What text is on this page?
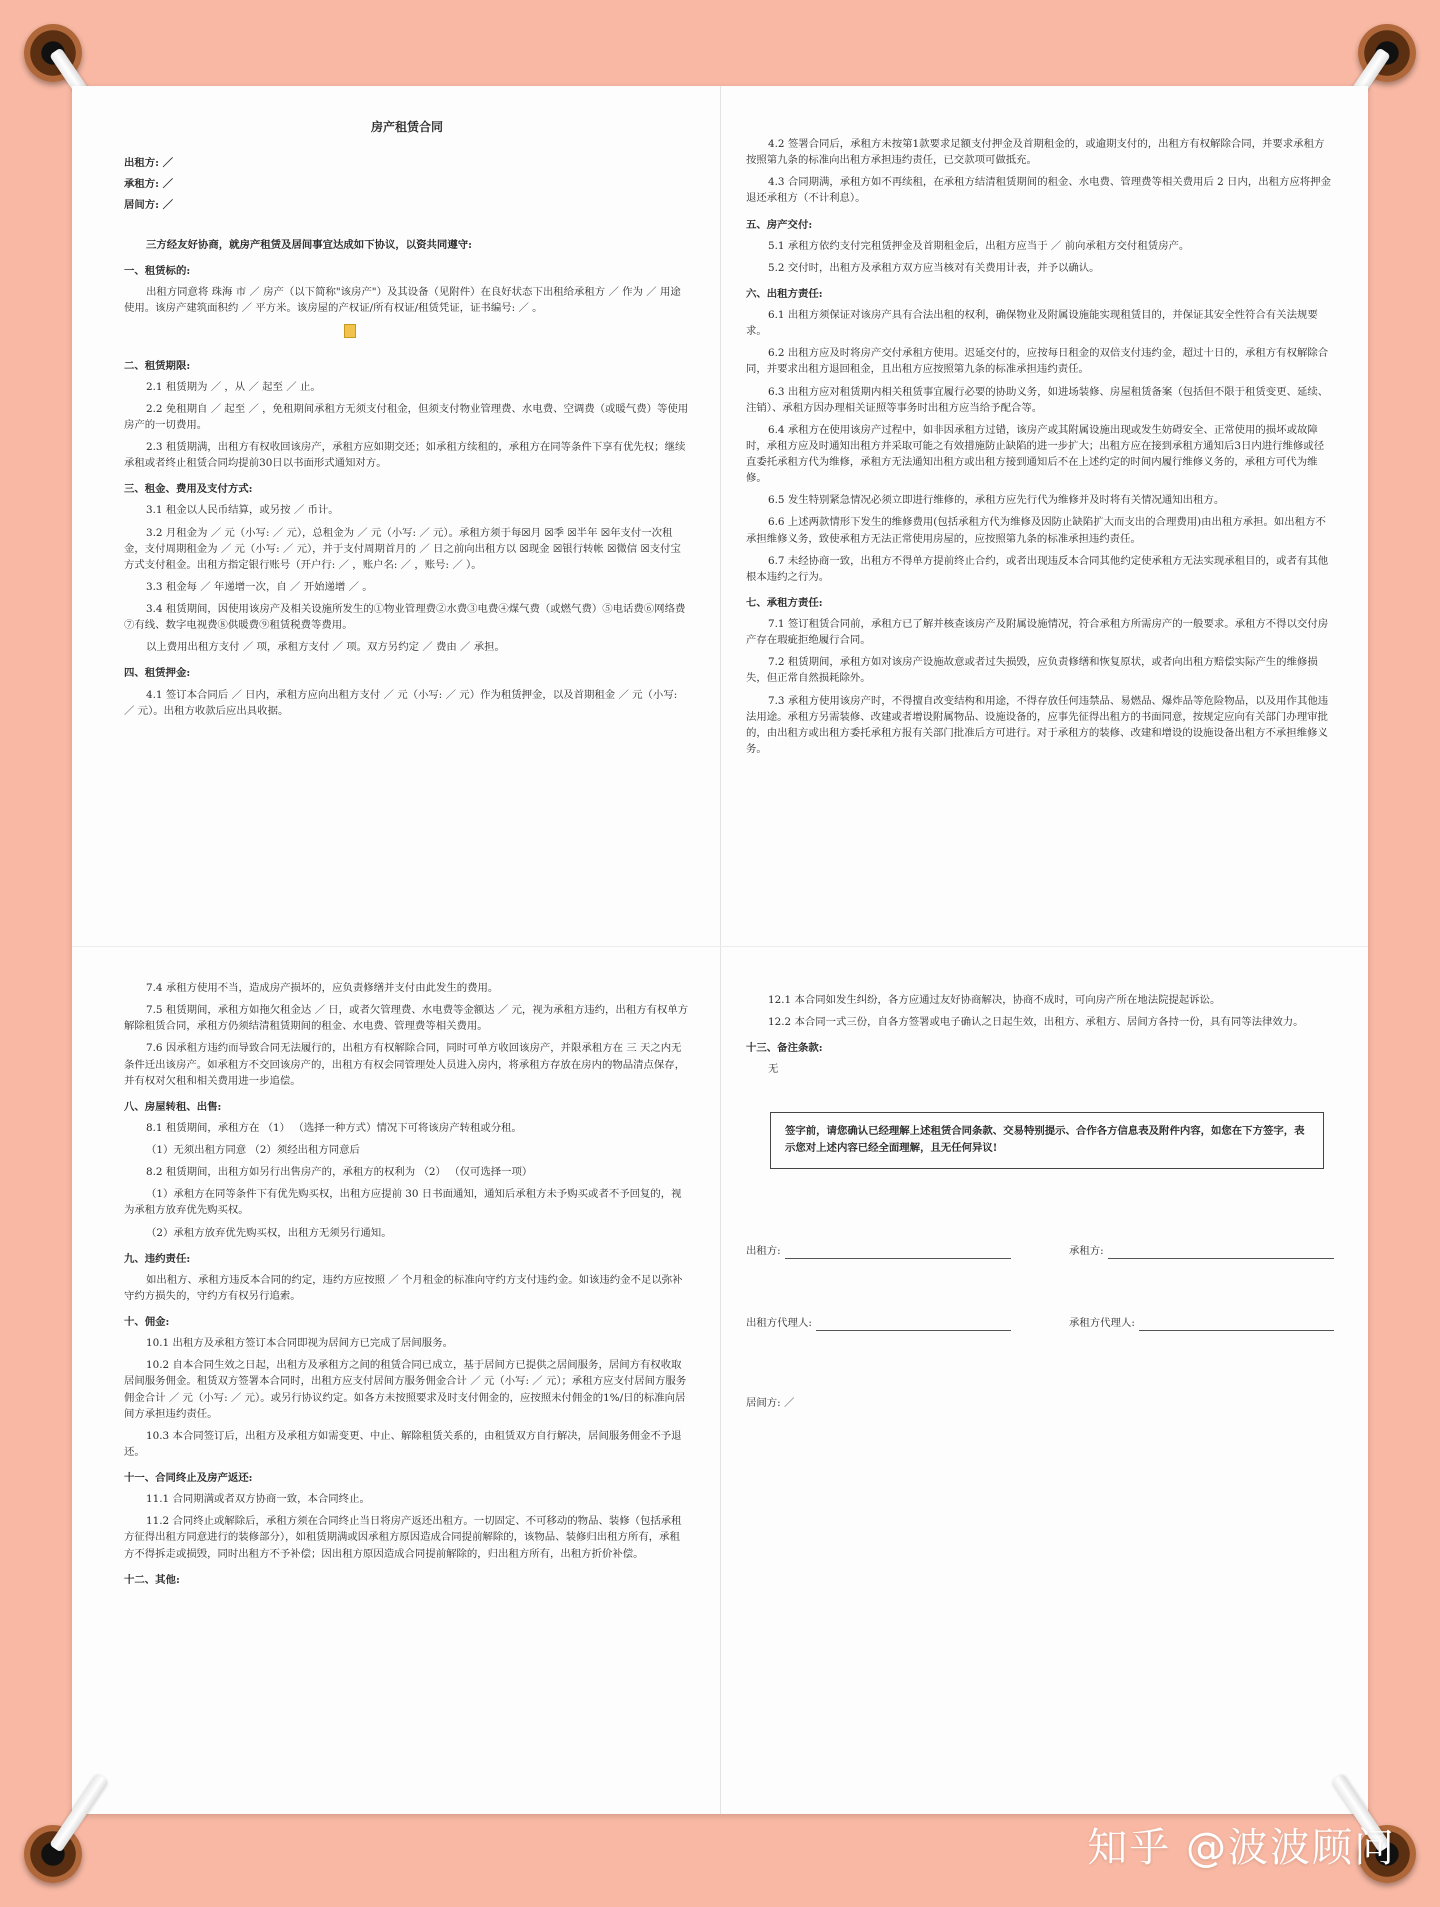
房产租赁合同
出租方: ／
承租方: ／
居间方: ／
三方经友好协商，就房产租赁及居间事宜达成如下协议，以资共同遵守:
一、租赁标的:

出租方同意将 珠海 市 ／ 房产（以下简称"该房产"）及其设备（见附件）在良好状态下出租给承租方 ／ 作为 ／ 用途使用。该房产建筑面积约 ／ 平方米。该房屋的产权证/所有权证/租赁凭证，证书编号: ／ 。

二、租赁期限:

2.1 租赁期为 ／ ，从 ／ 起至 ／ 止。

2.2 免租期自 ／ 起至 ／ ，免租期间承租方无须支付租金，但须支付物业管理费、水电费、空调费（或暖气费）等使用房产的一切费用。

2.3 租赁期满，出租方有权收回该房产，承租方应如期交还；如承租方续租的，承租方在同等条件下享有优先权；继续承租或者终止租赁合同均提前30日以书面形式通知对方。

三、租金、费用及支付方式:

3.1 租金以人民币结算，或另按 ／ 币计。

3.2 月租金为 ／ 元（小写: ／ 元），总租金为 ／ 元（小写: ／ 元）。承租方须于每☒月 ☒季 ☒半年 ☒年支付一次租金，支付周期租金为 ／ 元（小写: ／ 元），并于支付周期首月的 ／ 日之前向出租方以 ☒现金 ☒银行转帐 ☒微信 ☒支付宝方式支付租金。出租方指定银行账号（开户行: ／ ，账户名: ／ ，账号: ／ ）。

3.3 租金每 ／ 年递增一次，自 ／ 开始递增 ／ 。

3.4 租赁期间，因使用该房产及相关设施所发生的①物业管理费②水费③电费④煤气费（或燃气费）⑤电话费⑥网络费⑦有线、数字电视费⑧供暖费⑨租赁税费等费用。

以上费用出租方支付 ／ 项，承租方支付 ／ 项。双方另约定 ／ 费由 ／ 承担。

四、租赁押金:

4.1 签订本合同后 ／ 日内，承租方应向出租方支付 ／ 元（小写: ／ 元）作为租赁押金，以及首期租金 ／ 元（小写: ／ 元）。出租方收款后应出具收据。

4.2 签署合同后，承租方未按第1款要求足额支付押金及首期租金的，或逾期支付的，出租方有权解除合同，并要求承租方按照第九条的标准向出租方承担违约责任，已交款项可做抵充。

4.3 合同期满，承租方如不再续租，在承租方结清租赁期间的租金、水电费、管理费等相关费用后 2 日内，出租方应将押金退还承租方（不计利息）。

五、房产交付:

5.1 承租方依约支付完租赁押金及首期租金后，出租方应当于 ／ 前向承租方交付租赁房产。

5.2 交付时，出租方及承租方双方应当核对有关费用计表，并予以确认。

六、出租方责任:

6.1 出租方须保证对该房产具有合法出租的权利，确保物业及附属设施能实现租赁目的，并保证其安全性符合有关法规要求。

6.2 出租方应及时将房产交付承租方使用。迟延交付的，应按每日租金的双倍支付违约金，超过十日的，承租方有权解除合同，并要求出租方退回租金，且出租方应按照第九条的标准承担违约责任。

6.3 出租方应对租赁期内相关租赁事宜履行必要的协助义务，如进场装修、房屋租赁备案（包括但不限于租赁变更、延续、注销）、承租方因办理相关证照等事务时出租方应当给予配合等。

6.4 承租方在使用该房产过程中，如非因承租方过错，该房产或其附属设施出现或发生妨碍安全、正常使用的损坏或故障时，承租方应及时通知出租方并采取可能之有效措施防止缺陷的进一步扩大；出租方应在接到承租方通知后3日内进行维修或径直委托承租方代为维修，承租方无法通知出租方或出租方接到通知后不在上述约定的时间内履行维修义务的，承租方可代为维修。

6.5 发生特别紧急情况必须立即进行维修的，承租方应先行代为维修并及时将有关情况通知出租方。

6.6 上述两款情形下发生的维修费用(包括承租方代为维修及因防止缺陷扩大而支出的合理费用)由出租方承担。如出租方不承担维修义务，致使承租方无法正常使用房屋的，应按照第九条的标准承担违约责任。

6.7 未经协商一致，出租方不得单方提前终止合约，或者出现违反本合同其他约定使承租方无法实现承租目的，或者有其他根本违约之行为。

七、承租方责任:

7.1 签订租赁合同前，承租方已了解并核查该房产及附属设施情况，符合承租方所需房产的一般要求。承租方不得以交付房产存在瑕疵拒绝履行合同。

7.2 租赁期间，承租方如对该房产设施故意或者过失损毁，应负责修缮和恢复原状，或者向出租方赔偿实际产生的维修损失，但正常自然损耗除外。

7.3 承租方使用该房产时，不得擅自改变结构和用途，不得存放任何违禁品、易燃品、爆炸品等危险物品，以及用作其他违法用途。承租方另需装修、改建或者增设附属物品、设施设备的，应事先征得出租方的书面同意，按规定应向有关部门办理审批的，由出租方或出租方委托承租方报有关部门批准后方可进行。对于承租方的装修、改建和增设的设施设备出租方不承担维修义务。

7.4 承租方使用不当，造成房产损坏的，应负责修缮并支付由此发生的费用。

7.5 租赁期间，承租方如拖欠租金达 ／ 日，或者欠管理费、水电费等金额达 ／ 元，视为承租方违约，出租方有权单方解除租赁合同，承租方仍须结清租赁期间的租金、水电费、管理费等相关费用。

7.6 因承租方违约而导致合同无法履行的，出租方有权解除合同，同时可单方收回该房产，并限承租方在 三 天之内无条件迁出该房产。如承租方不交回该房产的，出租方有权会同管理处人员进入房内，将承租方存放在房内的物品清点保存，并有权对欠租和相关费用进一步追偿。

八、房屋转租、出售:

8.1 租赁期间，承租方在 （1） （选择一种方式）情况下可将该房产转租或分租。

（1）无须出租方同意 （2）须经出租方同意后

8.2 租赁期间，出租方如另行出售房产的，承租方的权利为 （2） （仅可选择一项）

（1）承租方在同等条件下有优先购买权，出租方应提前 30 日书面通知，通知后承租方未予购买或者不予回复的，视为承租方放弃优先购买权。

（2）承租方放弃优先购买权，出租方无须另行通知。

九、违约责任:

如出租方、承租方违反本合同的约定，违约方应按照 ／ 个月租金的标准向守约方支付违约金。如该违约金不足以弥补守约方损失的，守约方有权另行追索。

十、佣金:

10.1 出租方及承租方签订本合同即视为居间方已完成了居间服务。

10.2 自本合同生效之日起，出租方及承租方之间的租赁合同已成立，基于居间方已提供之居间服务，居间方有权收取居间服务佣金。租赁双方签署本合同时，出租方应支付居间方服务佣金合计 ／ 元（小写: ／ 元）；承租方应支付居间方服务佣金合计 ／ 元（小写: ／ 元）。或另行协议约定。如各方未按照要求及时支付佣金的，应按照未付佣金的1%/日的标准向居间方承担违约责任。

10.3 本合同签订后，出租方及承租方如需变更、中止、解除租赁关系的，由租赁双方自行解决，居间服务佣金不予退还。

十一、合同终止及房产返还:

11.1 合同期满或者双方协商一致，本合同终止。

11.2 合同终止或解除后，承租方须在合同终止当日将房产返还出租方。一切固定、不可移动的物品、装修（包括承租方征得出租方同意进行的装修部分），如租赁期满或因承租方原因造成合同提前解除的，该物品、装修归出租方所有，承租方不得拆走或损毁，同时出租方不予补偿；因出租方原因造成合同提前解除的，归出租方所有，出租方折价补偿。

十二、其他:

12.1 本合同如发生纠纷，各方应通过友好协商解决，协商不成时，可向房产所在地法院提起诉讼。

12.2 本合同一式三份，自各方签署或电子确认之日起生效，出租方、承租方、居间方各持一份，具有同等法律效力。

十三、备注条款:

无

签字前，请您确认已经理解上述租赁合同条款、交易特别提示、合作各方信息表及附件内容，如您在下方签字，表示您对上述内容已经全面理解，且无任何异议!
出租方:	承租方:
出租方代理人:	承租方代理人:
居间方: ／
知乎 @波波顾问
